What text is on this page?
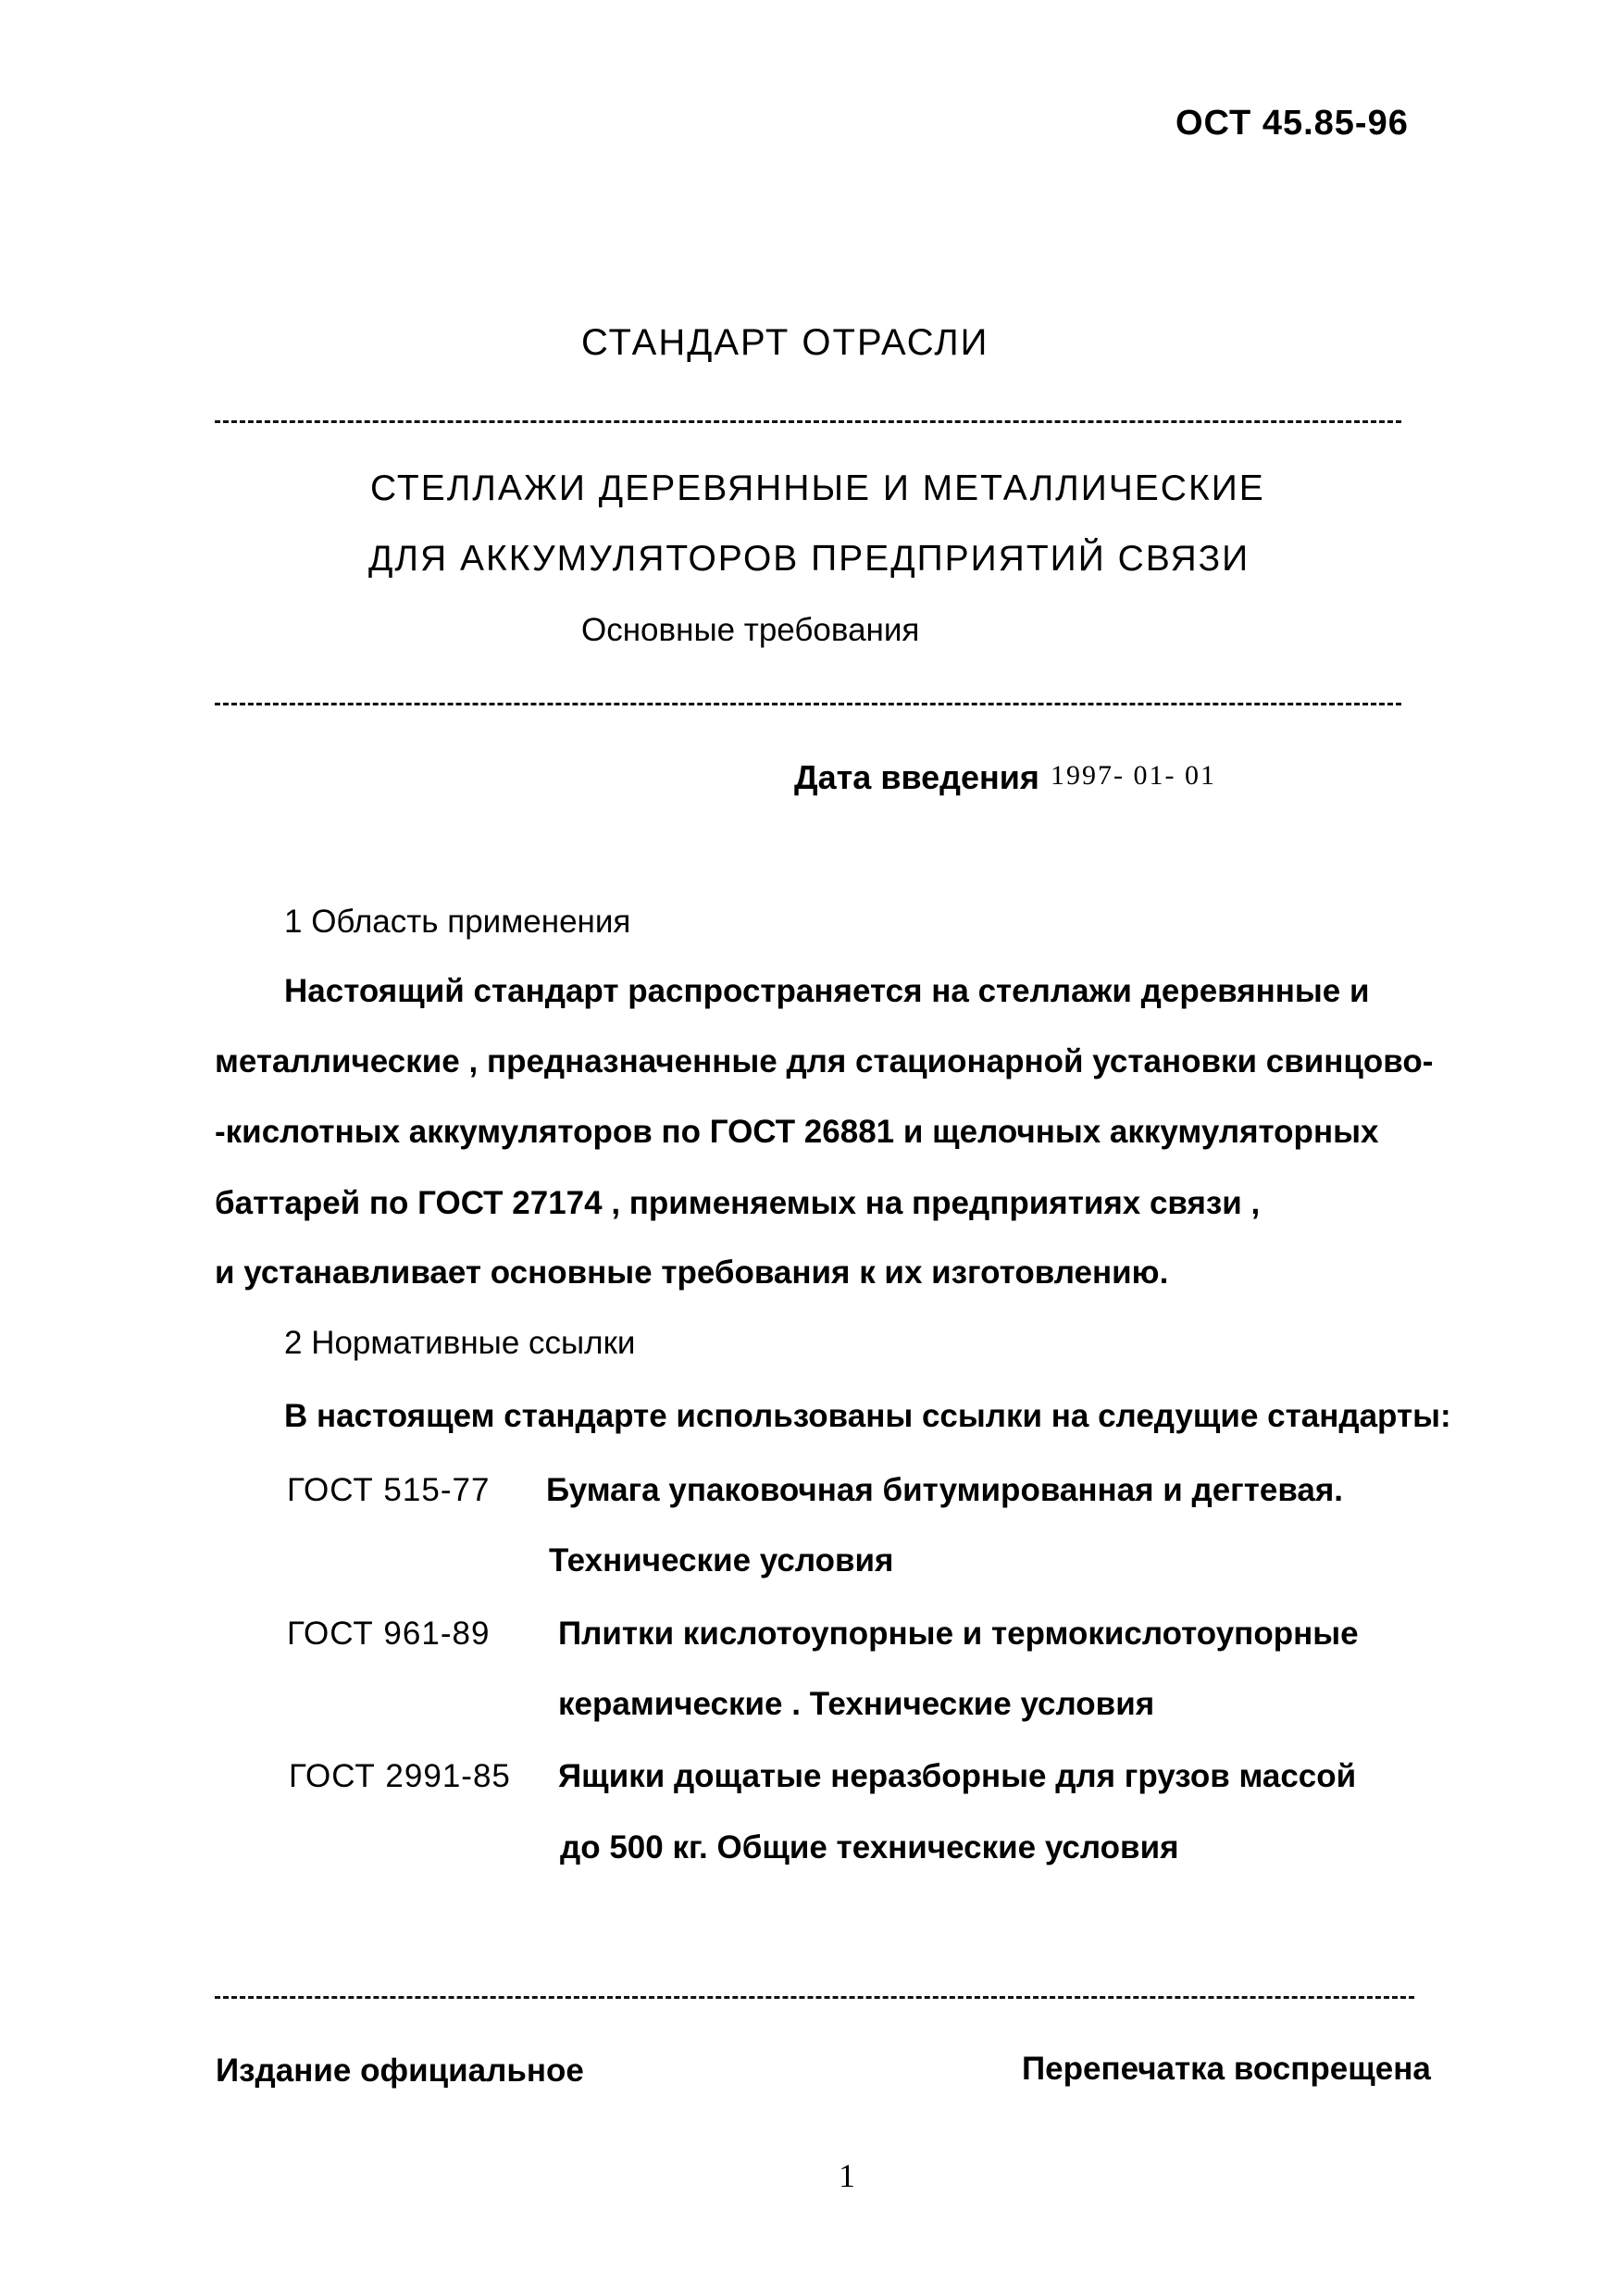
ОСТ 45.85-96
СТАНДАРТ ОТРАСЛИ
СТЕЛЛАЖИ ДЕРЕВЯННЫЕ И МЕТАЛЛИЧЕСКИЕ
ДЛЯ АККУМУЛЯТОРОВ ПРЕДПРИЯТИЙ СВЯЗИ
Основные требования
Дата введения 1997- 01- 01
1 Область применения
Настоящий стандарт распространяется на стеллажи деревянные и
металлические , предназначенные для стационарной установки свинцово-
-кислотных аккумуляторов по ГОСТ 26881 и щелочных аккумуляторных
баттарей по ГОСТ 27174 , применяемых на предприятиях связи ,
и устанавливает основные требования к их изготовлению.
2 Нормативные ссылки
В настоящем стандарте использованы ссылки на следущие стандарты:
ГОСТ 515-77 Бумага упаковочная битумированная и дегтевая.
Технические условия
ГОСТ 961-89 Плитки кислотоупорные и термокислотоупорные
керамические . Технические условия
ГОСТ 2991-85 Ящики дощатые неразборные для грузов массой
до 500 кг. Общие технические условия
Издание официальное	Перепечатка воспрещена
1
